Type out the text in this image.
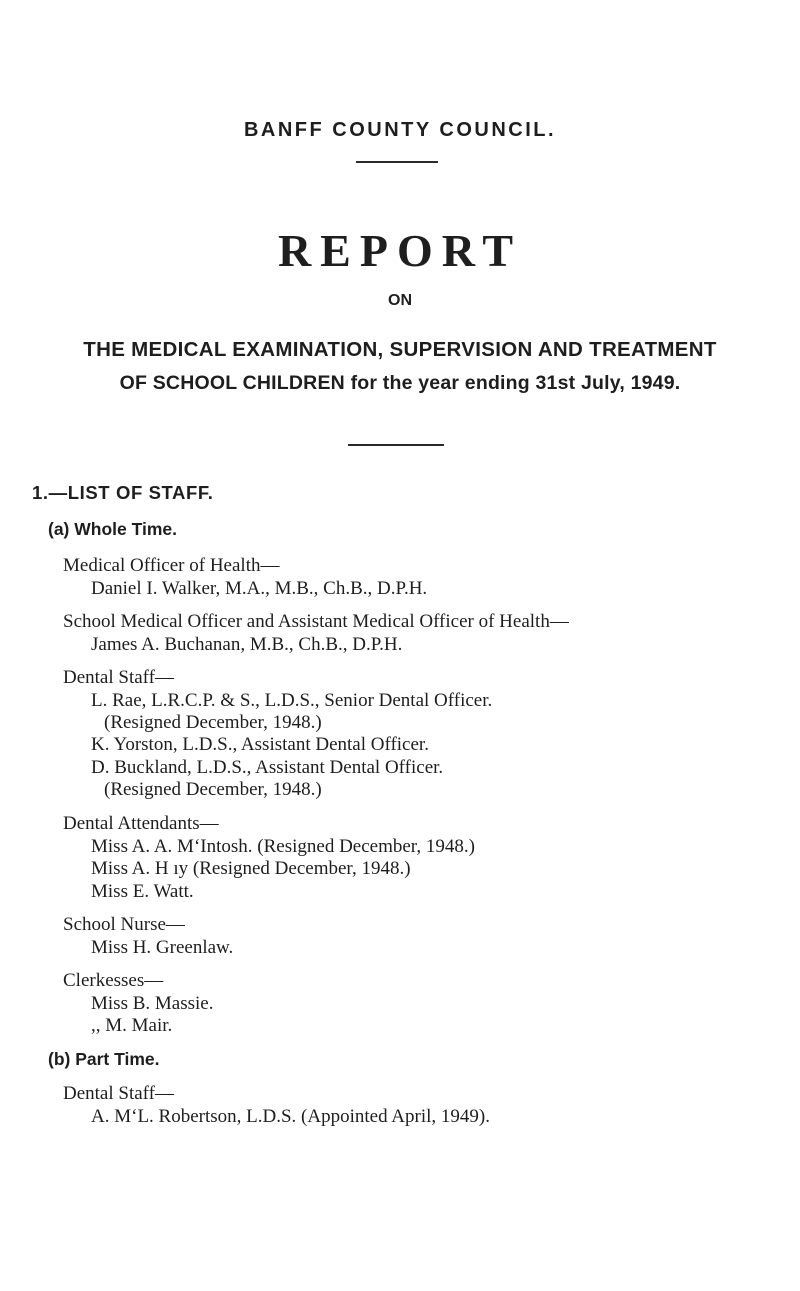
BANFF COUNTY COUNCIL.
REPORT
ON
THE MEDICAL EXAMINATION, SUPERVISION AND TREATMENT
OF SCHOOL CHILDREN for the year ending 31st July, 1949.
1.—LIST OF STAFF.
(a) Whole Time.
Medical Officer of Health—
Daniel I. Walker, M.A., M.B., Ch.B., D.P.H.
School Medical Officer and Assistant Medical Officer of Health—
James A. Buchanan, M.B., Ch.B., D.P.H.
Dental Staff—
L. Rae, L.R.C.P. & S., L.D.S., Senior Dental Officer.
(Resigned December, 1948.)
K. Yorston, L.D.S., Assistant Dental Officer.
D. Buckland, L.D.S., Assistant Dental Officer.
(Resigned December, 1948.)
Dental Attendants—
Miss A. A. M‘Intosh. (Resigned December, 1948.)
Miss A. H ıy (Resigned December, 1948.)
Miss E. Watt.
School Nurse—
Miss H. Greenlaw.
Clerkesses—
Miss B. Massie.
,, M. Mair.
(b) Part Time.
Dental Staff—
A. M‘L. Robertson, L.D.S. (Appointed April, 1949).
